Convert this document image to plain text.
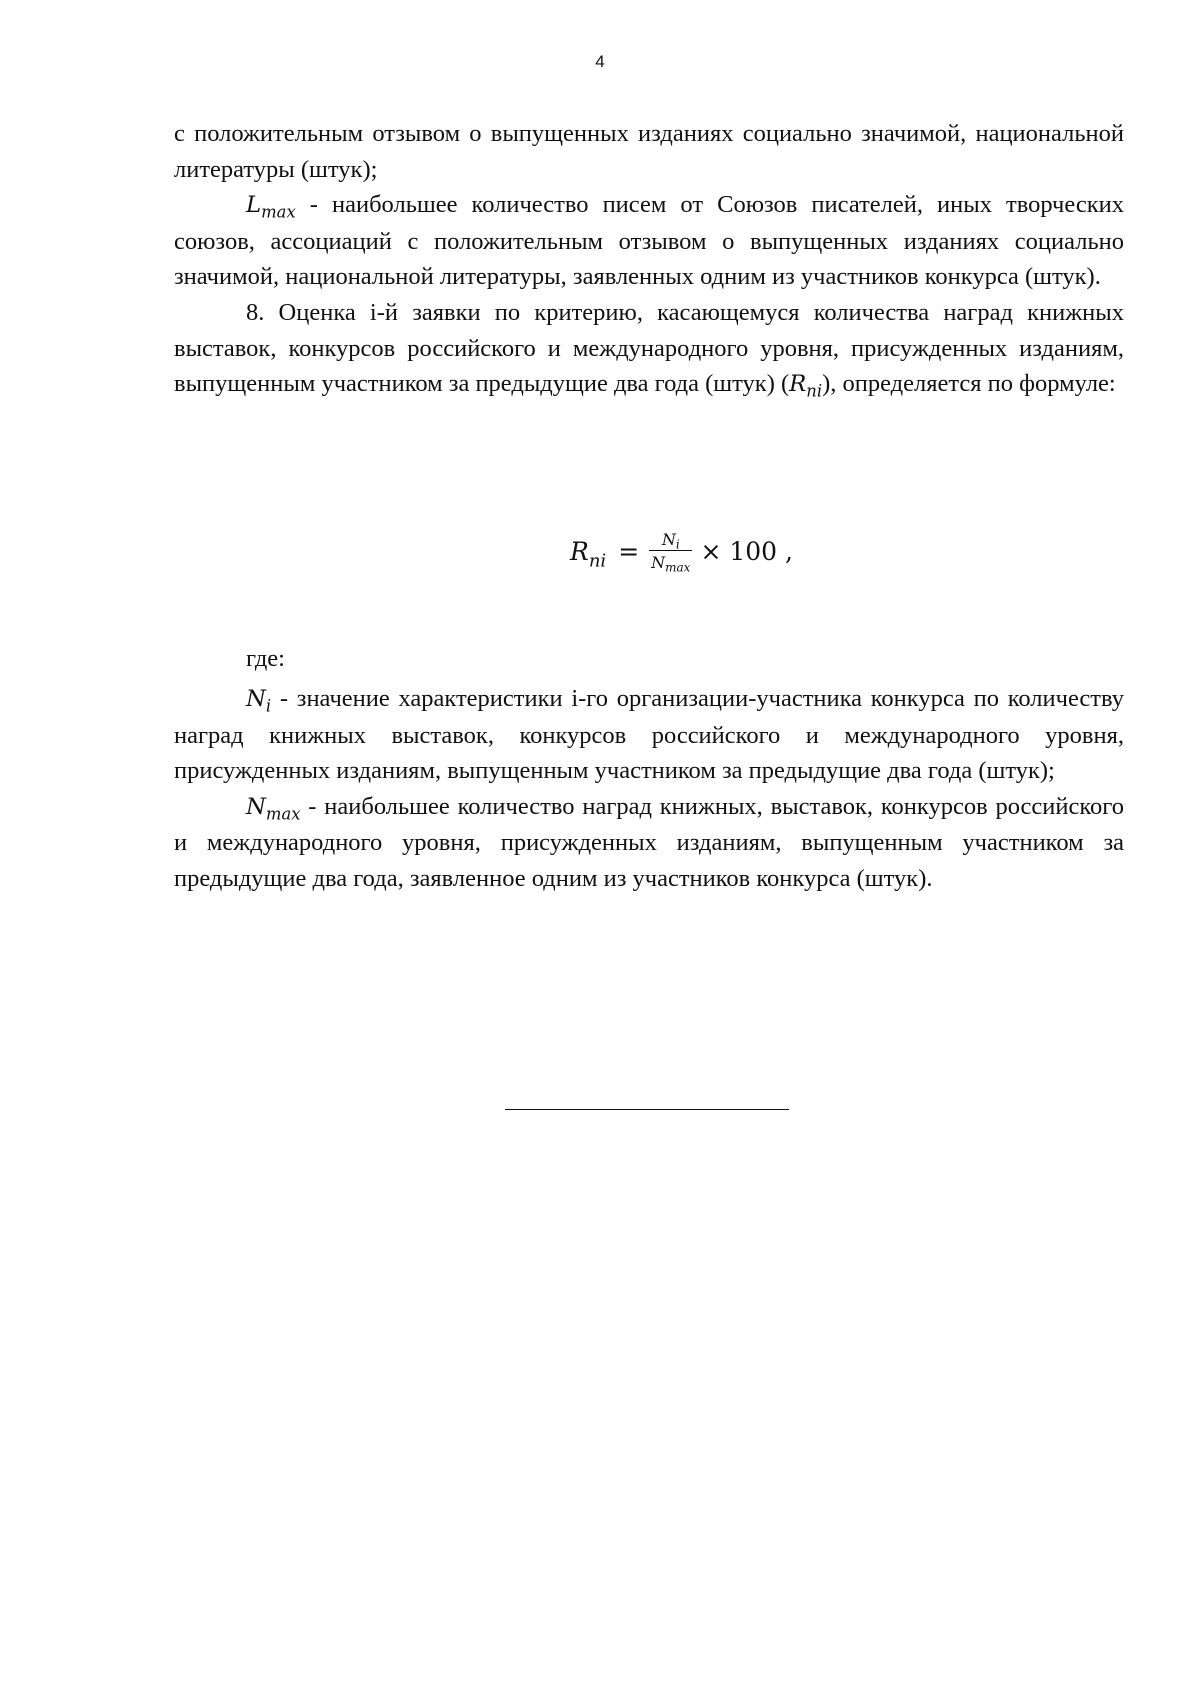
4

с положительным отзывом о выпущенных изданиях социально значимой, национальной литературы (штук);

$L_{max}$ - наибольшее количество писем от Союзов писателей, иных творческих союзов, ассоциаций с положительным отзывом о выпущенных изданиях социально значимой, национальной литературы, заявленных одним из участников конкурса (штук).

8. Оценка i-й заявки по критерию, касающемуся количества наград книжных выставок, конкурсов российского и международного уровня, присужденных изданиям, выпущенным участником за предыдущие два года (штук) $(R_{ni})$, определяется по формуле:

$R_{ni} = \frac{N_i}{N_{max}} \times 100$ ,
где:

$N_i$ - значение характеристики i-го организации-участника конкурса по количеству наград книжных выставок, конкурсов российского и международного уровня, присужденных изданиям, выпущенным участником за предыдущие два года (штук);

$N_{max}$ - наибольшее количество наград книжных, выставок, конкурсов российского и международного уровня, присужденных изданиям, выпущенным участником за предыдущие два года, заявленное одним из участников конкурса (штук).
